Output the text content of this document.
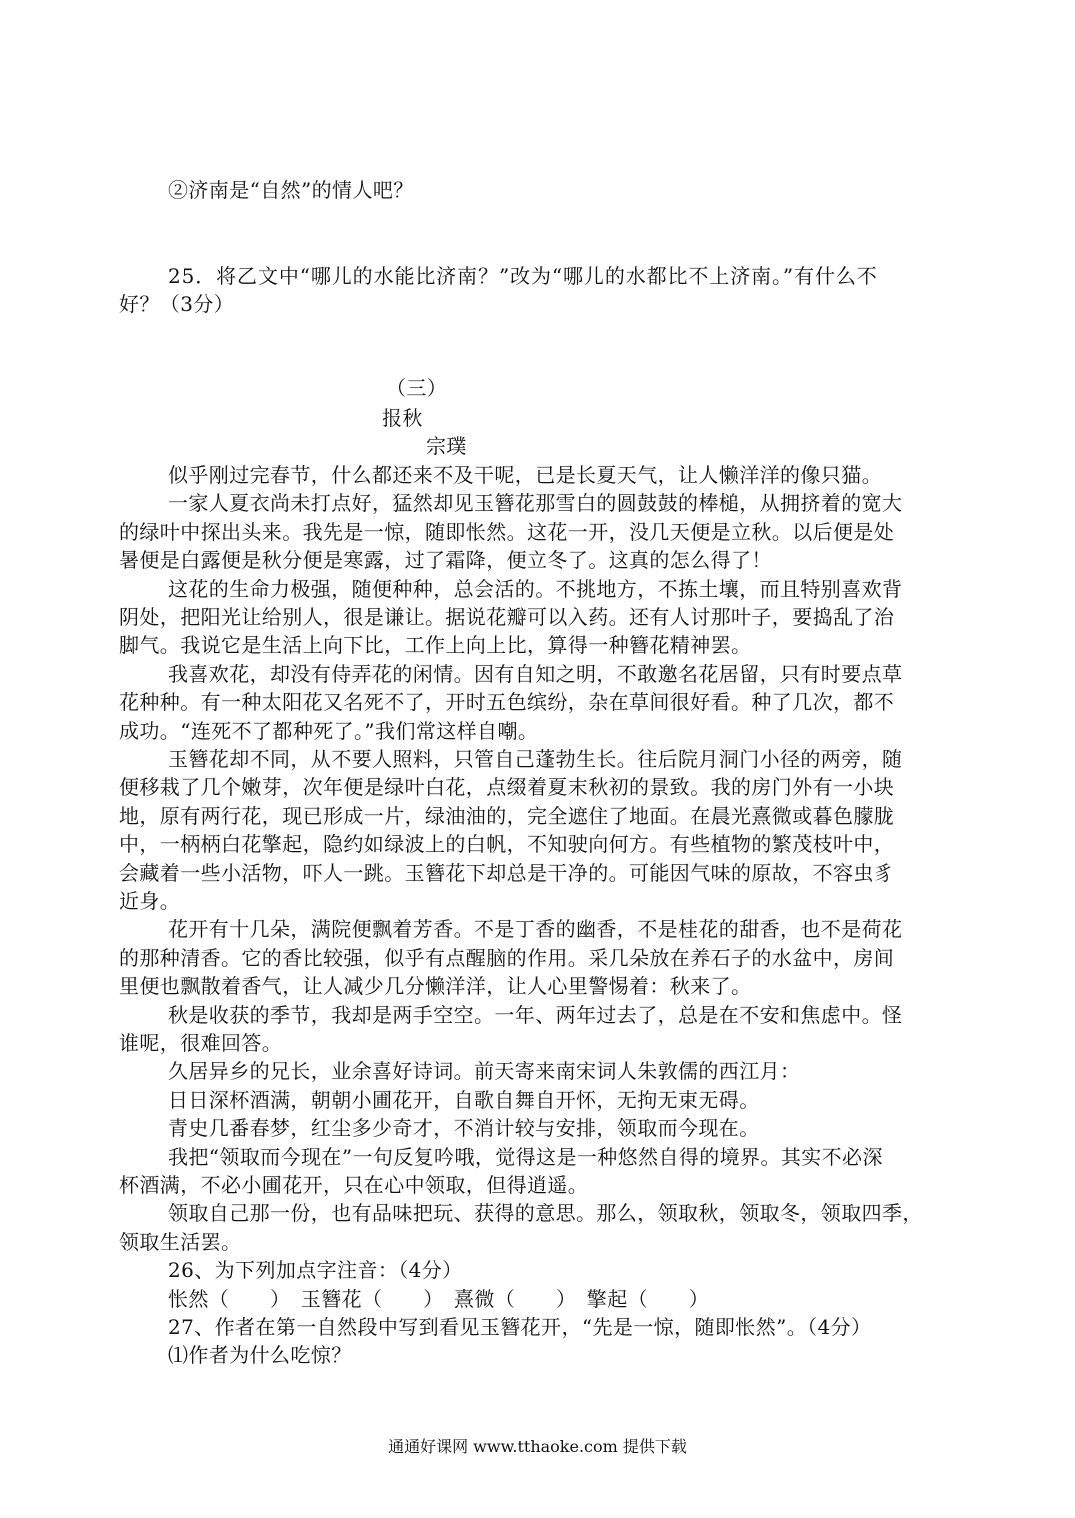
②济南是“自然”的情人吧？
25．将乙文中“哪儿的水能比济南？”改为“哪儿的水都比不上济南。”有什么不
好？（3分）
（三）
报秋
宗璞
似乎刚过完春节，什么都还来不及干呢，已是长夏天气，让人懒洋洋的像只猫。
一家人夏衣尚未打点好，猛然却见玉簪花那雪白的圆鼓鼓的棒槌，从拥挤着的宽大
的绿叶中探出头来。我先是一惊，随即怅然。这花一开，没几天便是立秋。以后便是处
暑便是白露便是秋分便是寒露，过了霜降，便立冬了。这真的怎么得了！
这花的生命力极强，随便种种，总会活的。不挑地方，不拣土壤，而且特别喜欢背
阴处，把阳光让给别人，很是谦让。据说花瓣可以入药。还有人讨那叶子，要捣乱了治
脚气。我说它是生活上向下比，工作上向上比，算得一种簪花精神罢。
我喜欢花，却没有侍弄花的闲情。因有自知之明，不敢邀名花居留，只有时要点草
花种种。有一种太阳花又名死不了，开时五色缤纷，杂在草间很好看。种了几次，都不
成功。“连死不了都种死了。”我们常这样自嘲。
玉簪花却不同，从不要人照料，只管自己蓬勃生长。往后院月洞门小径的两旁，随
便移栽了几个嫩芽，次年便是绿叶白花，点缀着夏末秋初的景致。我的房门外有一小块
地，原有两行花，现已形成一片，绿油油的，完全遮住了地面。在晨光熹微或暮色朦胧
中，一柄柄白花擎起，隐约如绿波上的白帆，不知驶向何方。有些植物的繁茂枝叶中，
会藏着一些小活物，吓人一跳。玉簪花下却总是干净的。可能因气味的原故，不容虫豸
近身。
花开有十几朵，满院便飘着芳香。不是丁香的幽香，不是桂花的甜香，也不是荷花
的那种清香。它的香比较强，似乎有点醒脑的作用。采几朵放在养石子的水盆中，房间
里便也飘散着香气，让人减少几分懒洋洋，让人心里警惕着：秋来了。
秋是收获的季节，我却是两手空空。一年、两年过去了，总是在不安和焦虑中。怪
谁呢，很难回答。
久居异乡的兄长，业余喜好诗词。前天寄来南宋词人朱敦儒的西江月：
日日深杯酒满，朝朝小圃花开，自歌自舞自开怀，无拘无束无碍。
青史几番春梦，红尘多少奇才，不消计较与安排，领取而今现在。
我把“领取而今现在”一句反复吟哦，觉得这是一种悠然自得的境界。其实不必深
杯酒满，不必小圃花开，只在心中领取，但得逍遥。
领取自己那一份，也有品味把玩、获得的意思。那么，领取秋，领取冬，领取四季，
领取生活罢。
26、为下列加点字注音：（4分）
怅然（　　）　玉簪花（　　）　熹微（　　）　擎起（　　）
27、作者在第一自然段中写到看见玉簪花开，“先是一惊，随即怅然”。（4分）
⑴作者为什么吃惊？
通通好课网 www.tthaoke.com 提供下载
